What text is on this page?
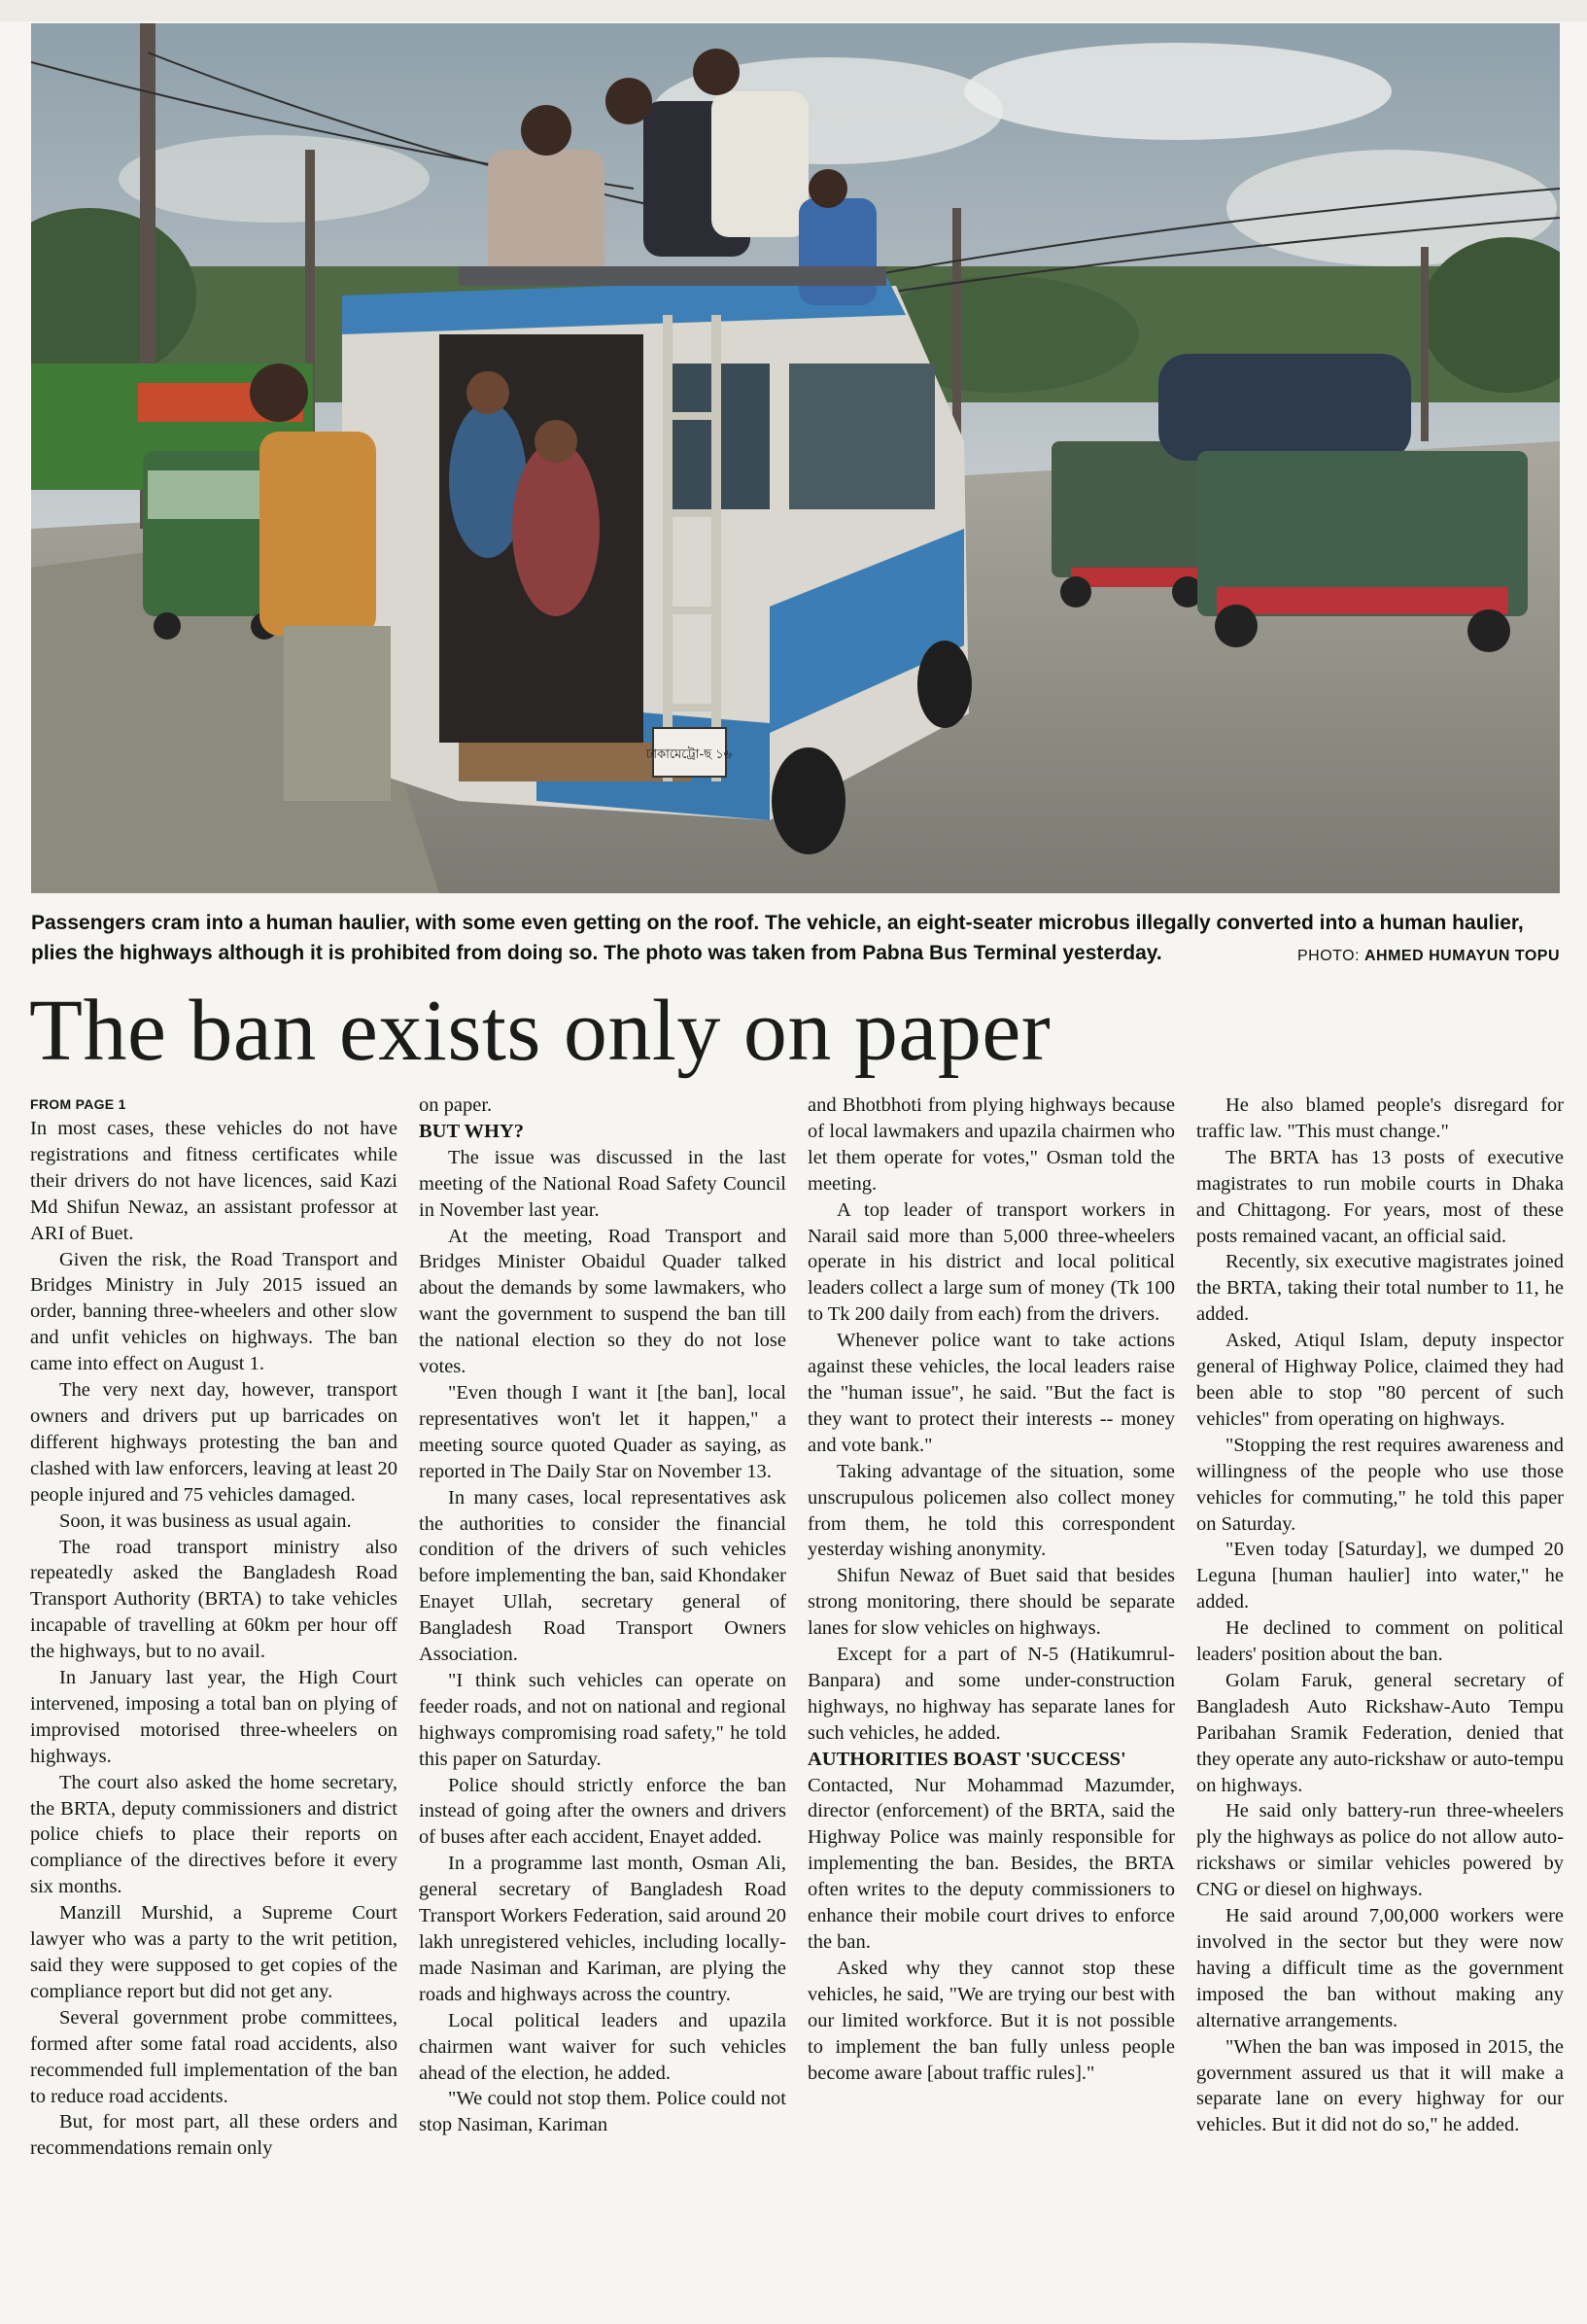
ঢাকামেট্রো-ছ ১৬
Passengers cram into a human haulier, with some even getting on the roof. The vehicle, an eight-seater microbus illegally converted into a human haulier, plies the highways although it is prohibited from doing so. The photo was taken from Pabna Bus Terminal yesterday.	PHOTO: AHMED HUMAYUN TOPU
The ban exists only on paper

FROM PAGE 1

In most cases, these vehicles do not have registrations and fitness certificates while their drivers do not have licences, said Kazi Md Shifun Newaz, an assistant professor at ARI of Buet.

Given the risk, the Road Transport and Bridges Ministry in July 2015 issued an order, banning three-wheelers and other slow and unfit vehicles on highways. The ban came into effect on August 1.

The very next day, however, transport owners and drivers put up barricades on different highways protesting the ban and clashed with law enforcers, leaving at least 20 people injured and 75 vehicles damaged.

Soon, it was business as usual again.

The road transport ministry also repeatedly asked the Bangladesh Road Transport Authority (BRTA) to take vehicles incapable of travelling at 60km per hour off the highways, but to no avail.

In January last year, the High Court intervened, imposing a total ban on plying of improvised motorised three-wheelers on highways.

The court also asked the home secretary, the BRTA, deputy commissioners and district police chiefs to place their reports on compliance of the directives before it every six months.

Manzill Murshid, a Supreme Court lawyer who was a party to the writ petition, said they were supposed to get copies of the compliance report but did not get any.

Several government probe committees, formed after some fatal road accidents, also recommended full implementation of the ban to reduce road accidents.

But, for most part, all these orders and recommendations remain only

on paper.

BUT WHY?

The issue was discussed in the last meeting of the National Road Safety Council in November last year.

At the meeting, Road Transport and Bridges Minister Obaidul Quader talked about the demands by some lawmakers, who want the government to suspend the ban till the national election so they do not lose votes.

"Even though I want it [the ban], local representatives won't let it happen," a meeting source quoted Quader as saying, as reported in The Daily Star on November 13.

In many cases, local representatives ask the authorities to consider the financial condition of the drivers of such vehicles before implementing the ban, said Khondaker Enayet Ullah, secretary general of Bangladesh Road Transport Owners Association.

"I think such vehicles can operate on feeder roads, and not on national and regional highways compromising road safety," he told this paper on Saturday.

Police should strictly enforce the ban instead of going after the owners and drivers of buses after each accident, Enayet added.

In a programme last month, Osman Ali, general secretary of Bangladesh Road Transport Workers Federation, said around 20 lakh unregistered vehicles, including locally-made Nasiman and Kariman, are plying the roads and highways across the country.

Local political leaders and upazila chairmen want waiver for such vehicles ahead of the election, he added.

"We could not stop them. Police could not stop Nasiman, Kariman

and Bhotbhoti from plying highways because of local lawmakers and upazila chairmen who let them operate for votes," Osman told the meeting.

A top leader of transport workers in Narail said more than 5,000 three-wheelers operate in his district and local political leaders collect a large sum of money (Tk 100 to Tk 200 daily from each) from the drivers.

Whenever police want to take actions against these vehicles, the local leaders raise the "human issue", he said. "But the fact is they want to protect their interests -- money and vote bank."

Taking advantage of the situation, some unscrupulous policemen also collect money from them, he told this correspondent yesterday wishing anonymity.

Shifun Newaz of Buet said that besides strong monitoring, there should be separate lanes for slow vehicles on highways.

Except for a part of N-5 (Hatikumrul-Banpara) and some under-construction highways, no highway has separate lanes for such vehicles, he added.

AUTHORITIES BOAST 'SUCCESS'

Contacted, Nur Mohammad Mazumder, director (enforcement) of the BRTA, said the Highway Police was mainly responsible for implementing the ban. Besides, the BRTA often writes to the deputy commissioners to enhance their mobile court drives to enforce the ban.

Asked why they cannot stop these vehicles, he said, "We are trying our best with our limited workforce. But it is not possible to implement the ban fully unless people become aware [about traffic rules]."

He also blamed people's disregard for traffic law. "This must change."

The BRTA has 13 posts of executive magistrates to run mobile courts in Dhaka and Chittagong. For years, most of these posts remained vacant, an official said.

Recently, six executive magistrates joined the BRTA, taking their total number to 11, he added.

Asked, Atiqul Islam, deputy inspector general of Highway Police, claimed they had been able to stop "80 percent of such vehicles" from operating on highways.

"Stopping the rest requires awareness and willingness of the people who use those vehicles for commuting," he told this paper on Saturday.

"Even today [Saturday], we dumped 20 Leguna [human haulier] into water," he added.

He declined to comment on political leaders' position about the ban.

Golam Faruk, general secretary of Bangladesh Auto Rickshaw-Auto Tempu Paribahan Sramik Federation, denied that they operate any auto-rickshaw or auto-tempu on highways.

He said only battery-run three-wheelers ply the highways as police do not allow auto-rickshaws or similar vehicles powered by CNG or diesel on highways.

He said around 7,00,000 workers were involved in the sector but they were now having a difficult time as the government imposed the ban without making any alternative arrangements.

"When the ban was imposed in 2015, the government assured us that it will make a separate lane on every highway for our vehicles. But it did not do so," he added.
